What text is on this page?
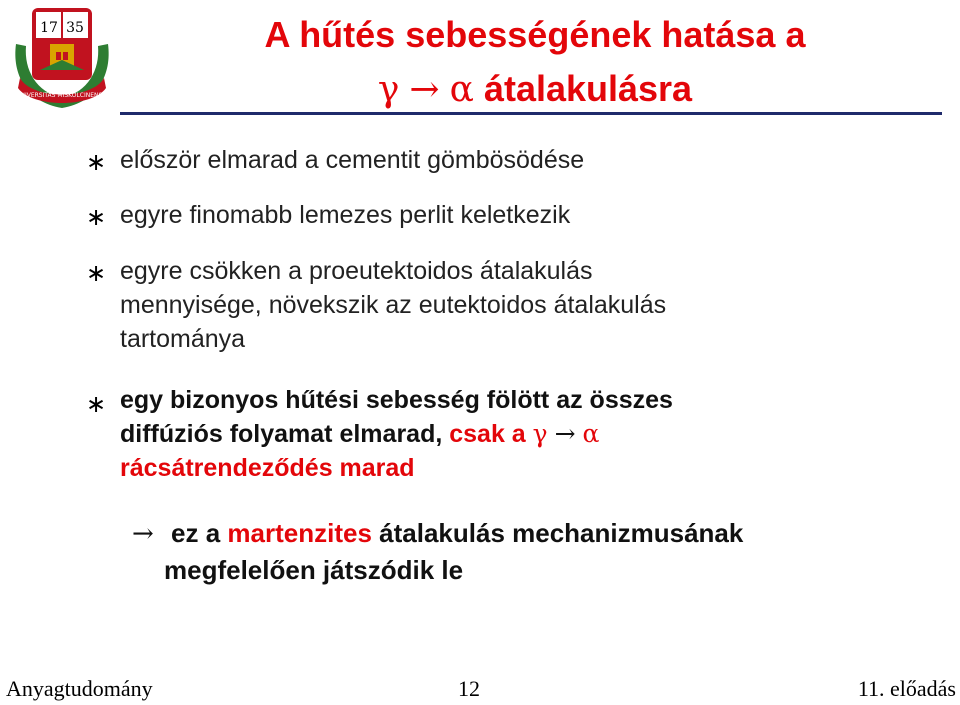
17 35
UNIVERSITAS MISKOLCINENSIS
A hűtés sebességének hatása a
γ → α átalakulásra
∗ először elmarad a cementit gömbösödése
∗ egyre finomabb lemezes perlit keletkezik
∗ egyre csökken a proeutektoidos átalakulás
mennyisége, növekszik az eutektoidos átalakulás
tartománya
∗ egy bizonyos hűtési sebesség fölött az összes
diffúziós folyamat elmarad, csak a γ → α
rácsátrendeződés marad
→ ez a martenzites átalakulás mechanizmusának
megfelelően játszódik le
Anyagtudomány	12	11. előadás
